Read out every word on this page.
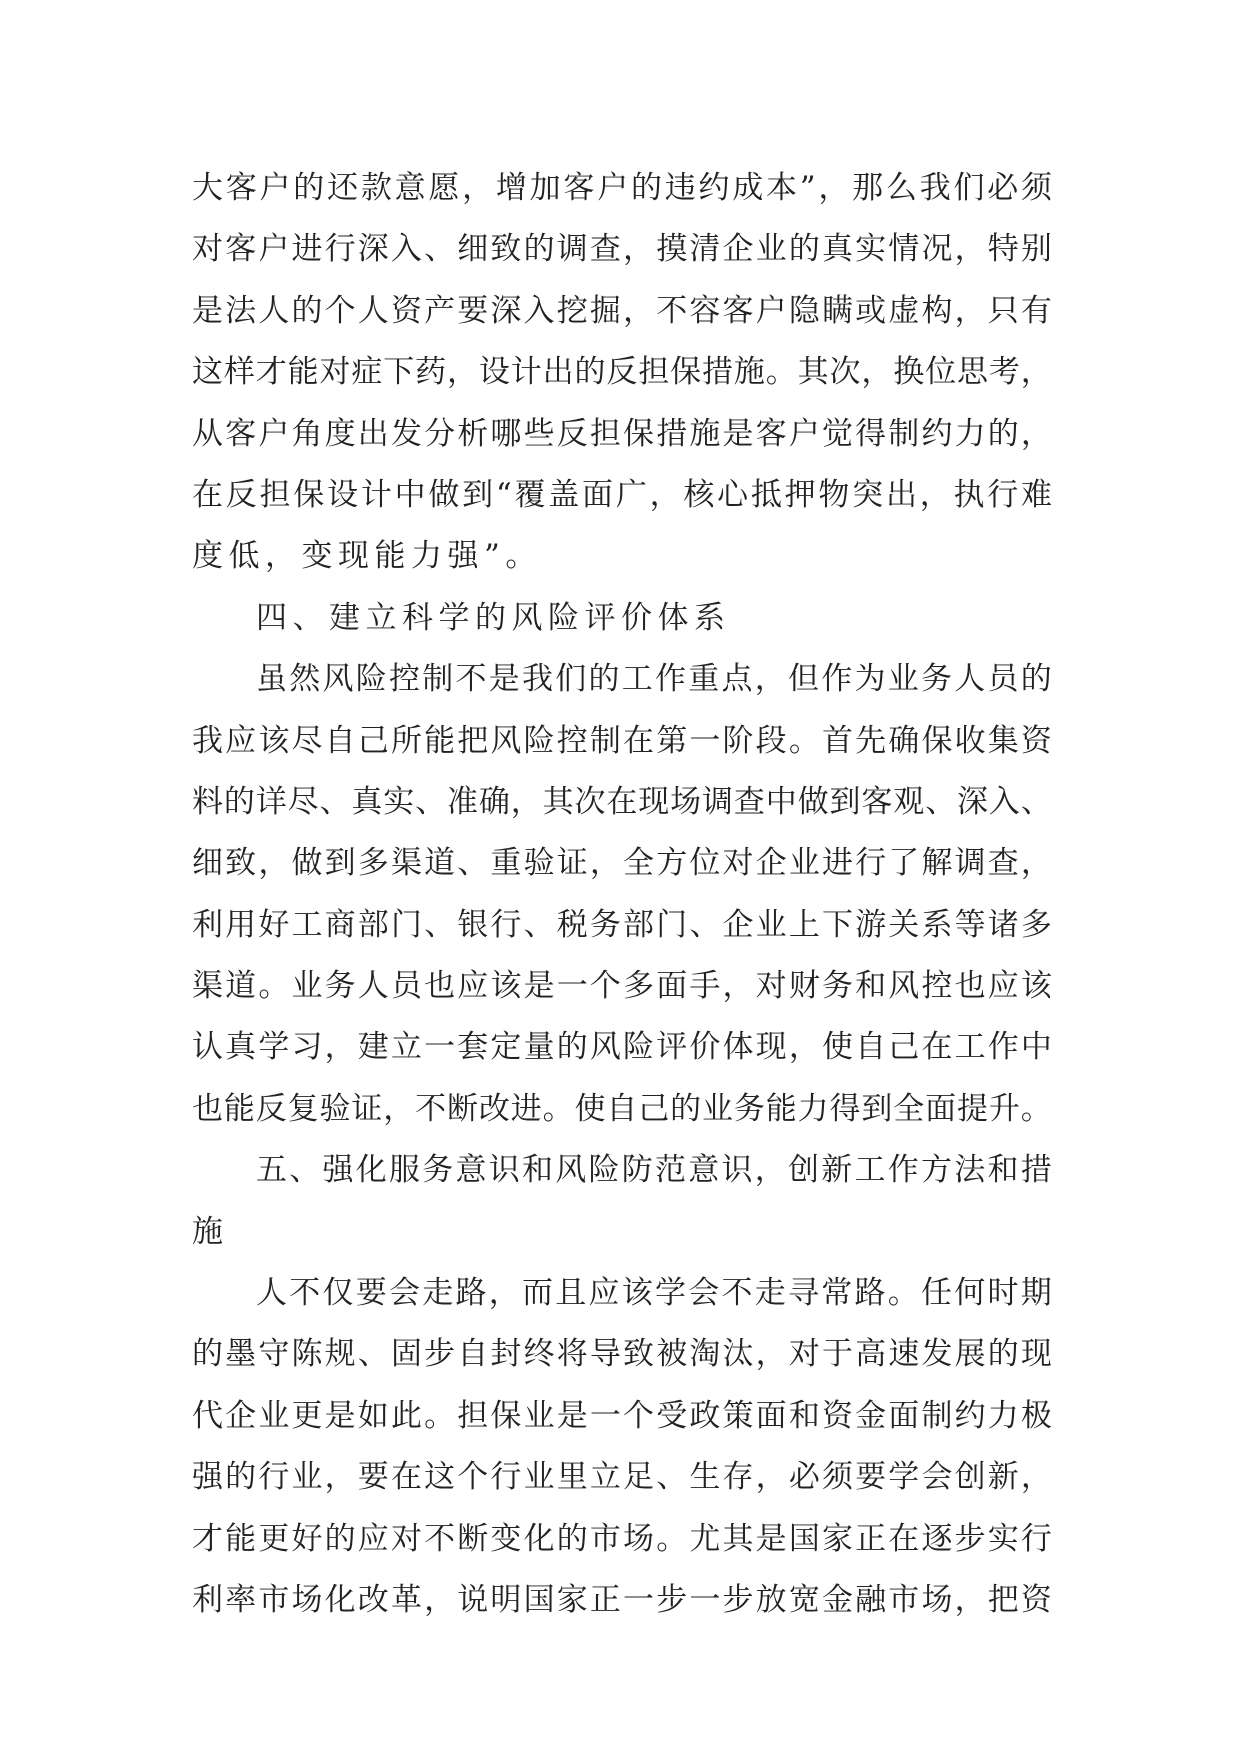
大 客 户 的 还 款 意 愿 ， 增 加 客 户 的 违 约 成 本 ” ， 那 么 我 们 必 须
对 客 户 进 行 深 入 、 细 致 的 调 查 ， 摸 清 企 业 的 真 实 情 况 ， 特 别
是 法 人 的 个 人 资 产 要 深 入 挖 掘 ， 不 容 客 户 隐 瞒 或 虚 构 ， 只 有
这 样 才 能 对 症 下 药 ， 设 计 出 的 反 担 保 措 施 。 其 次 ， 换 位 思 考 ，
从 客 户 角 度 出 发 分 析 哪 些 反 担 保 措 施 是 客 户 觉 得 制 约 力 的 ，
在 反 担 保 设 计 中 做 到 “ 覆 盖 面 广 ， 核 心 抵 押 物 突 出 ， 执 行 难
度低，变现能力强”。
四、建立科学的风险评价体系
虽 然 风 险 控 制 不 是 我 们 的 工 作 重 点 ， 但 作 为 业 务 人 员 的
我 应 该 尽 自 己 所 能 把 风 险 控 制 在 第 一 阶 段 。 首 先 确 保 收 集 资
料 的 详 尽 、 真 实 、 准 确 ， 其 次 在 现 场 调 查 中 做 到 客 观 、 深 入 、
细 致 ， 做 到 多 渠 道 、 重 验 证 ， 全 方 位 对 企 业 进 行 了 解 调 查 ，
利 用 好 工 商 部 门 、 银 行 、 税 务 部 门 、 企 业 上 下 游 关 系 等 诸 多
渠 道 。 业 务 人 员 也 应 该 是 一 个 多 面 手 ， 对 财 务 和 风 控 也 应 该
认 真 学 习 ， 建 立 一 套 定 量 的 风 险 评 价 体 现 ， 使 自 己 在 工 作 中
也 能 反 复 验 证 ， 不 断 改 进 。 使 自 己 的 业 务 能 力 得 到 全 面 提 升 。
五 、 强 化 服 务 意 识 和 风 险 防 范 意 识 ， 创 新 工 作 方 法 和 措
施
人 不 仅 要 会 走 路 ， 而 且 应 该 学 会 不 走 寻 常 路 。 任 何 时 期
的 墨 守 陈 规 、 固 步 自 封 终 将 导 致 被 淘 汰 ， 对 于 高 速 发 展 的 现
代 企 业 更 是 如 此 。 担 保 业 是 一 个 受 政 策 面 和 资 金 面 制 约 力 极
强 的 行 业 ， 要 在 这 个 行 业 里 立 足 、 生 存 ， 必 须 要 学 会 创 新 ，
才 能 更 好 的 应 对 不 断 变 化 的 市 场 。 尤 其 是 国 家 正 在 逐 步 实 行
利 率 市 场 化 改 革 ， 说 明 国 家 正 一 步 一 步 放 宽 金 融 市 场 ， 把 资
